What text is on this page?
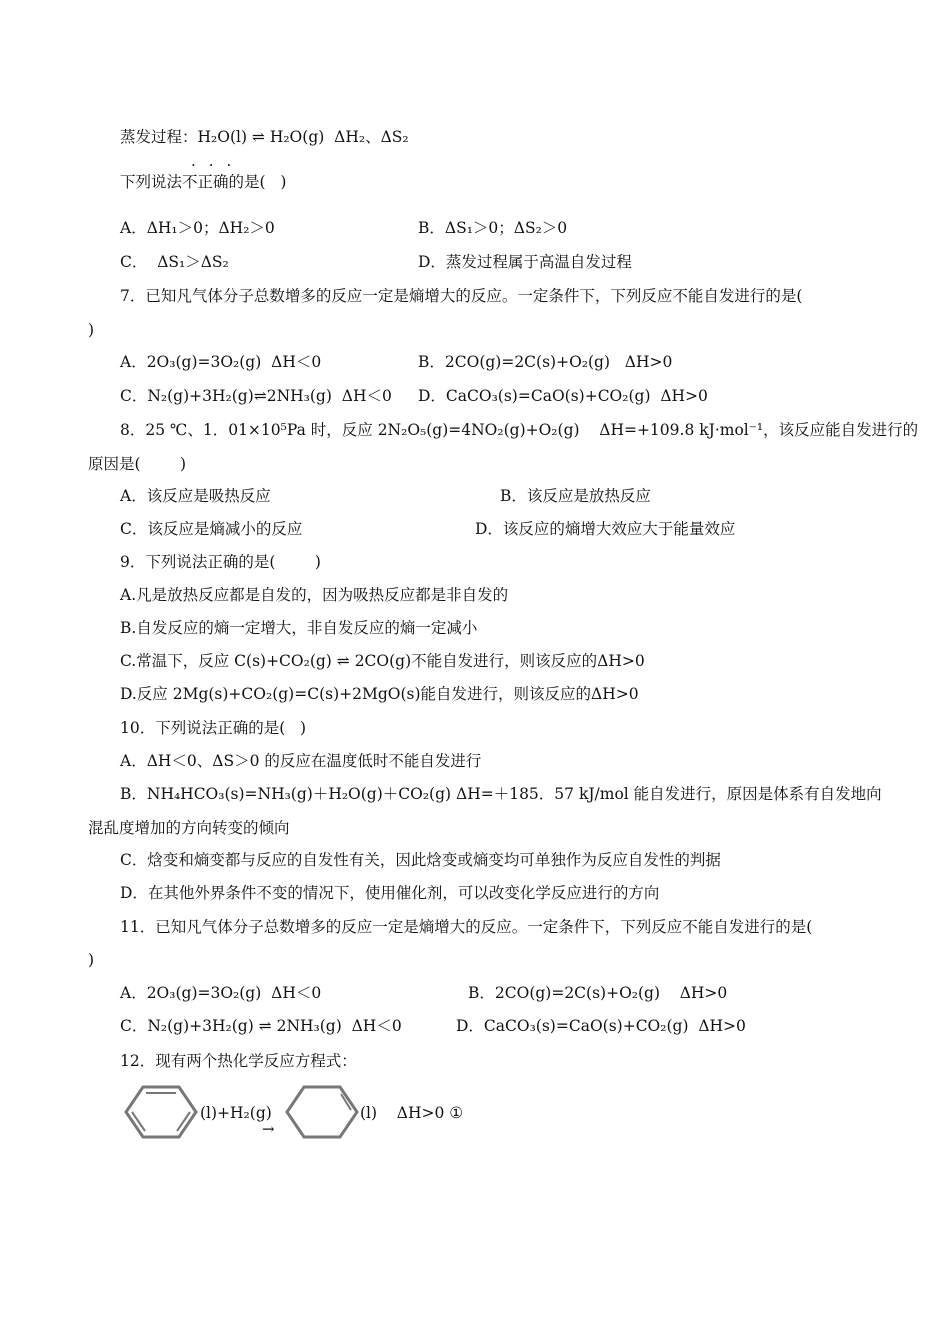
蒸发过程：H₂O(l) ⇌ H₂O(g)  ΔH₂、ΔS₂
···
下列说法不正确的是(   )
A．ΔH₁＞0；ΔH₂＞0	B．ΔS₁＞0；ΔS₂＞0
C．  ΔS₁＞ΔS₂	D．蒸发过程属于高温自发过程
7．已知凡气体分子总数增多的反应一定是熵增大的反应。一定条件下，下列反应不能自发进行的是(
)
A．2O₃(g)=3O₂(g)  ΔH＜0	B．2CO(g)=2C(s)+O₂(g)   ΔH>0
C．N₂(g)+3H₂(g)⇌2NH₃(g)  ΔH＜0 D．CaCO₃(s)=CaO(s)+CO₂(g)  ΔH>0
8．25 ℃、1．01×10⁵Pa 时，反应 2N₂O₅(g)=4NO₂(g)+O₂(g)    ΔH=+109.8 kJ·mol⁻¹，该反应能自发进行的
原因是(        )
A．该反应是吸热反应	B．该反应是放热反应
C．该反应是熵减小的反应	D．该反应的熵增大效应大于能量效应
9．下列说法正确的是(        )
A.凡是放热反应都是自发的，因为吸热反应都是非自发的
B.自发反应的熵一定增大，非自发反应的熵一定减小
C.常温下，反应 C(s)+CO₂(g) ⇌ 2CO(g)不能自发进行，则该反应的ΔH>0
D.反应 2Mg(s)+CO₂(g)=C(s)+2MgO(s)能自发进行，则该反应的ΔH>0
10．下列说法正确的是(   )
A．ΔH＜0、ΔS＞0 的反应在温度低时不能自发进行
B．NH₄HCO₃(s)=NH₃(g)＋H₂O(g)＋CO₂(g) ΔH=＋185．57 kJ/mol 能自发进行，原因是体系有自发地向
混乱度增加的方向转变的倾向
C．焓变和熵变都与反应的自发性有关，因此焓变或熵变均可单独作为反应自发性的判据
D．在其他外界条件不变的情况下，使用催化剂，可以改变化学反应进行的方向
11．已知凡气体分子总数增多的反应一定是熵增大的反应。一定条件下，下列反应不能自发进行的是(
)
A．2O₃(g)=3O₂(g)  ΔH＜0	B．2CO(g)=2C(s)+O₂(g)    ΔH>0
C．N₂(g)+3H₂(g) ⇌ 2NH₃(g)  ΔH＜0	D．CaCO₃(s)=CaO(s)+CO₂(g)  ΔH>0
12．现有两个热化学反应方程式：
(l)+H₂(g)
→
(l)    ΔH>0 ①
